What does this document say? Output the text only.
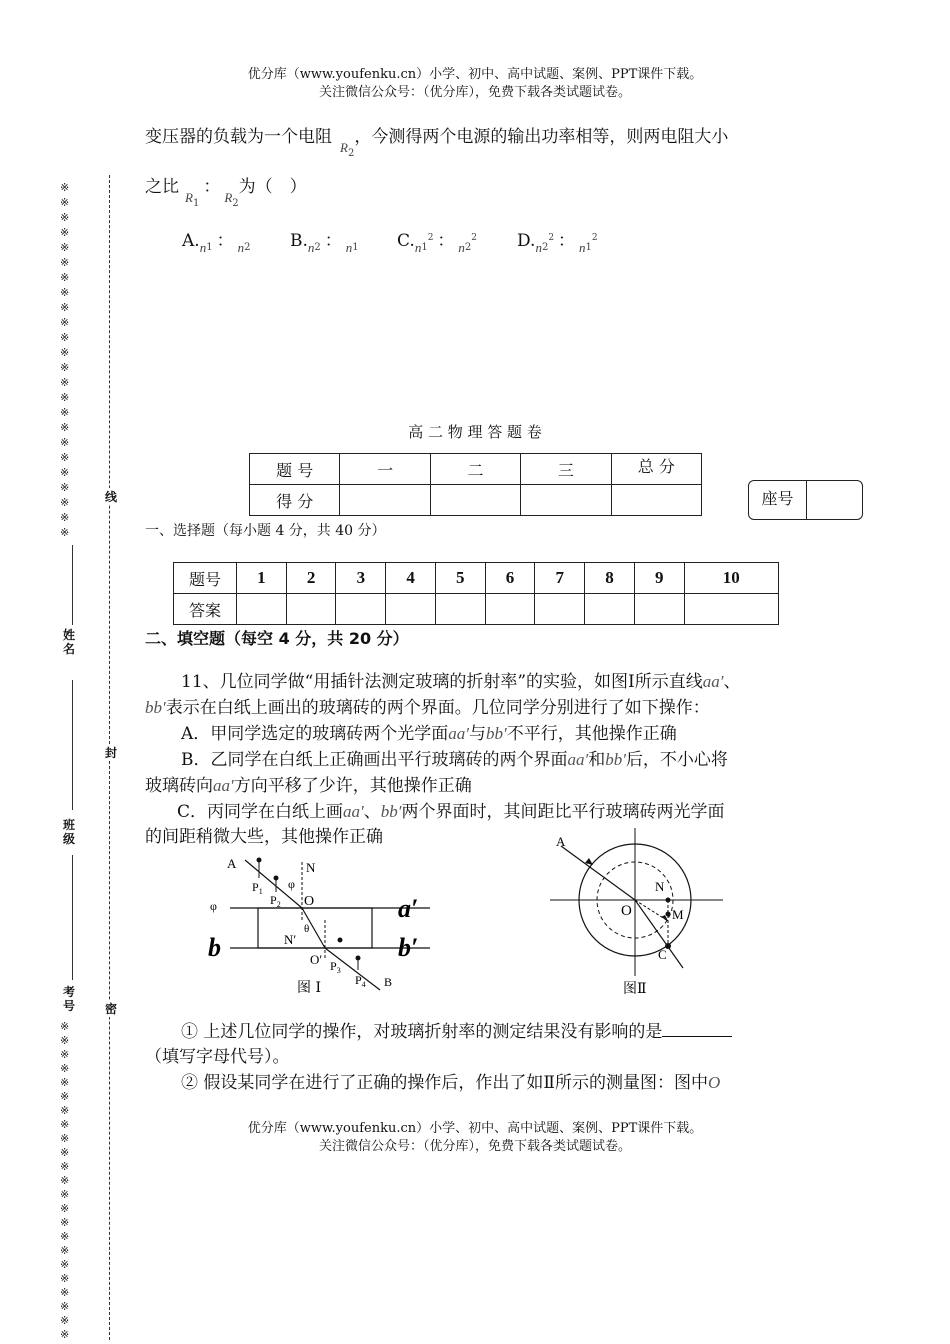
优分库（www.youfenku.cn）小学、初中、高中试题、案例、PPT课件下载。
关注微信公众号：（优分库），免费下载各类试题试卷。
变压器的负载为一个电阻$_{R2}$，今测得两个电源的输出功率相等，则两电阻大小
之比$_{R1}$：$_{R2}$为（　）
$A._{n1}$ ： $_{n2}$ $B._{n2}$ ： $_{n1}$ $C._{n1}^2$ ： $_{n2}^2$ $D._{n2}^2$ ： $_{n1}^2$
高 二 物 理 答 题 卷
题 号	一	二	三	总 分
得 分					座号
一、选择题（每小题 4 分，共 40 分）
题号	1	2	3	4	5	6	7	8	9	10
答案										
二、填空题（每空 4 分，共 20 分）
11、几位同学做“用插针法测定玻璃的折射率”的实验，如图Ⅰ所示直线aa′、
bb′表示在白纸上画出的玻璃砖的两个界面。几位同学分别进行了如下操作：
A．甲同学选定的玻璃砖两个光学面aa′与bb′不平行，其他操作正确
B．乙同学在白纸上正确画出平行玻璃砖的两个界面aa′和bb′后，不小心将
玻璃砖向aa′方向平移了少许，其他操作正确
C．丙同学在白纸上画aa′、bb′两个界面时，其间距比平行玻璃砖两光学面
的间距稍微大些，其他操作正确
A	N
$P_1$
$P_2$
φ
φ	O	a′
b	b′
N′
θ
O′ $P_3$
$P_4$ B
图 I
A
O
N
M
C
图Ⅱ
① 上述几位同学的操作，对玻璃折射率的测定结果没有影响的是
（填写字母代号）。
② 假设某同学在进行了正确的操作后，作出了如Ⅱ所示的测量图：图中O
优分库（www.youfenku.cn）小学、初中、高中试题、案例、PPT课件下载。
关注微信公众号：（优分库），免费下载各类试题试卷。
※※※※※※※※※※※※※※※※※※※※※※※※
姓名
班级
考号
线
封
密
※※※※※※※※※※※※※※※※※※※※※※※
